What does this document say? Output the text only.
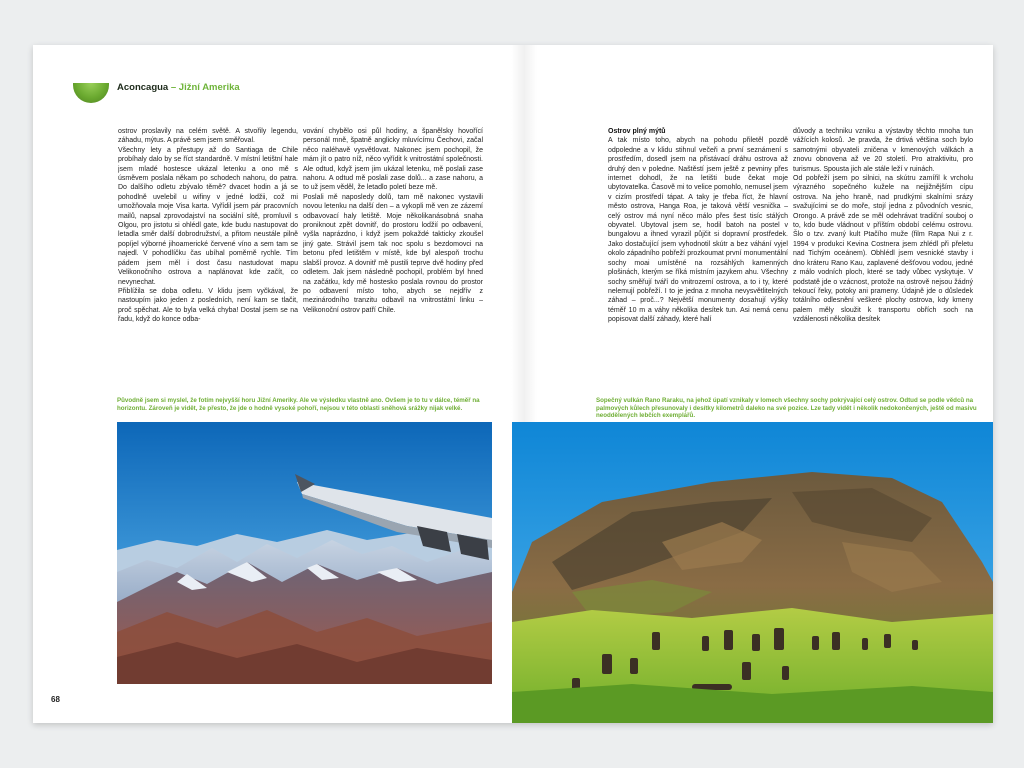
Aconcagua – Jižní Amerika

ostrov proslavily na celém světě. A stvořily legendu, záhadu, mýtus. A právě sem jsem směřoval.

Všechny lety a přestupy až do Santiaga de Chile probíhaly dalo by se říct standardně. V místní letištní hale jsem mladé hostesce ukázal letenku a ono mě s úsměvem poslala někam po schodech nahoru, do patra. Do dalšího odletu zbývalo těmě? dvacet hodin a já se pohodlně uvelebil u wifiny v jedné lodžii, což mi umožňovala moje Visa karta. Vyřídil jsem pár pracovních mailů, napsal zprovodajství na sociální sítě, promluvil s Olgou, pro jistotu si ohlédl gate, kde budu nastupovat do letadla směr další dobrodružství, a přitom neustále pilně popíjel výborné jihoamerické červené víno a sem tam se najedl. V pohodlíčku čas ubíhal poměrně rychle. Tím pádem jsem měl i dost času nastudovat mapu Velikonočního ostrova a naplánovat kde začít, co nevynechat.

Přiblížila se doba odletu. V klidu jsem vyčkával, že nastoupím jako jeden z posledních, není kam se tlačit, proč spěchat. Ale to byla velká chyba! Dostal jsem se na řadu, když do konce odba-

vování chybělo osi půl hodiny, a španělsky hovořící personál mně, špatně anglicky mluvícímu Čechovi, začal něco naléhavě vysvětlovat. Nakonec jsem pochopil, že mám jít o patro níž, něco vyřídit k vnitrostátní společnosti. Ale odtud, když jsem jim ukázal letenku, mě poslali zase nahoru. A odtud mě poslali zase dolů... a zase nahoru, a to už jsem věděl, že letadlo poletí beze mě.

Poslali mě naposledy dolů, tam mě nakonec vystavili novou letenku na další den – a vykopli mě ven ze zázemí odbavovací haly letiště. Moje několikanásobná snaha proniknout zpět dovnitř, do prostoru lodžií po odbavení, vyšla naprázdno, i když jsem pokaždé takticky zkoušel jiný gate. Strávil jsem tak noc spolu s bezdomovci na betonu před letištěm v místě, kde byl alespoň trochu slabší provoz. A dovnitř mě pustili teprve dvě hodiny před odletem. Jak jsem následně pochopil, problém byl hned na začátku, kdy mě hostesko poslala rovnou do prostor po odbavení místo toho, abych se nejdřív z mezinárodního tranzitu odbavil na vnitrostátní linku – Velikonoční ostrov patří Chile.

Ostrov plný mýtů

A tak místo toho, abych na pohodu přiletěl pozdě odpoledne a v klidu stihnul večeři a první seznámení s prostředím, dosedl jsem na přistávací dráhu ostrova až druhý den v poledne. Naštěstí jsem ještě z pevniny přes internet dohodl, že na letišti bude čekat moje ubytovatelka. Časově mi to velice pomohlo, nemusel jsem v cizím prostředí tápat. A taky je třeba říct, že hlavní město ostrova, Hanga Roa, je taková větší vesnička – celý ostrov má nyní něco málo přes šest tisíc stálých obyvatel. Ubytoval jsem se, hodil batoh na postel v bungalovu a ihned vyrazil půjčit si dopravní prostředek. Jako dostačující jsem vyhodnotil skútr a bez váhání vyjel okolo západního pobřeží prozkoumat první monumentální sochy moai umístěné na rozsáhlých kamenných plošinách, kterým se říká místním jazykem ahu. Všechny sochy směřují tváří do vnitrozemí ostrova, a to i ty, které nelemují pobřeží. I to je jedna z mnoha nevysvětlitelných záhad – proč...? Největší monumenty dosahují výšky téměř 10 m a váhy několika desítek tun. Asi nemá cenu popisovat další záhady, které halí

důvody a techniku vzniku a výstavby těchto mnoha tun vážících kolosů. Je pravda, že drtivá většina soch bylo samotnými obyvateli zničena v kmenových válkách a znovu obnovena až ve 20 století. Pro atraktivitu, pro turismus. Spousta jich ale stále leží v ruinách.

Od pobřeží jsem po silnici, na skútru zamířil k vrcholu výrazného sopečného kužele na nejjižnějším cípu ostrova. Na jeho hraně, nad prudkými skalními srázy svažujícími se do moře, stojí jedna z původních vesnic, Orongo. A právě zde se měl odehrávat tradiční souboj o to, kdo bude vládnout v příštím období celému ostrovu. Šlo o tzv. zvaný kult Ptačího muže (film Rapa Nui z r. 1994 v produkci Kevina Costnera jsem zhlédl při přeletu nad Tichým oceánem). Obhlédl jsem vesnické stavby i dno kráteru Rano Kau, zaplavené dešťovou vodou, jedné z málo vodních ploch, které se tady vůbec vyskytuje. V podstatě jde o vzácnost, protože na ostrově nejsou žádný tekoucí řeky, potoky ani prameny. Údajně jde o důsledek totálního odlesnění veškeré plochy ostrova, kdy kmeny palem měly sloužit k transportu obřích soch na vzdálenosti několika desítek

Původně jsem si myslel, že fotím nejvyšší horu Jižní Ameriky. Ale ve výsledku vlastně ano. Ovšem je to tu v dálce, téměř na horizontu. Zároveň je vidět, že přesto, že jde o hodně vysoké pohoří, nejsou v této oblasti sněhová srážky nijak velké.
Sopečný vulkán Rano Raraku, na jehož úpatí vznikaly v lomech všechny sochy pokrývající celý ostrov. Odtud se podle vědců na palmových kůlech přesunovaly i desítky kilometrů daleko na své pozice. Lze tady vidět i několik nedokončených, ještě od masivu neoddělených lebčích exemplářů.
68
